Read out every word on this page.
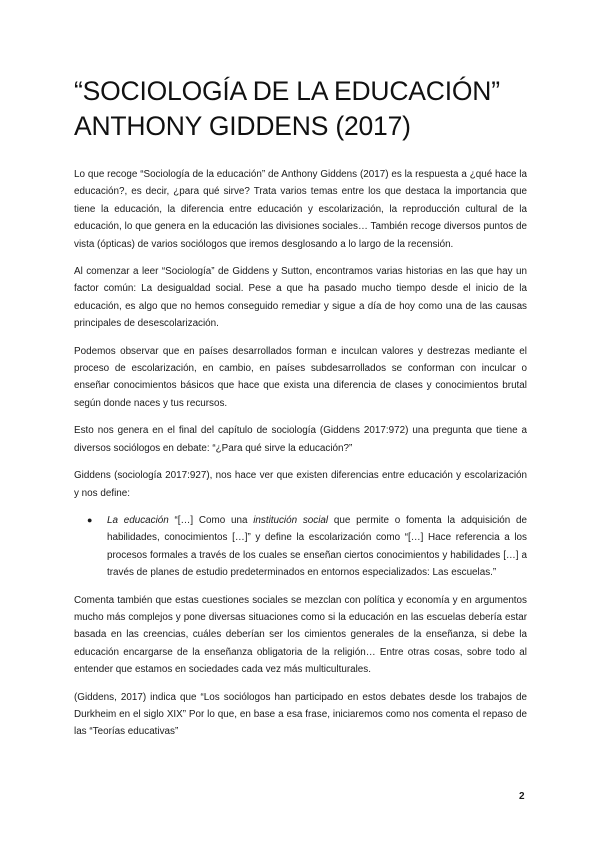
“SOCIOLOGÍA DE LA EDUCACIÓN”
ANTHONY GIDDENS (2017)

Lo que recoge “Sociología de la educación” de Anthony Giddens (2017) es la respuesta a ¿qué hace la educación?, es decir, ¿para qué sirve? Trata varios temas entre los que destaca la importancia que tiene la educación, la diferencia entre educación y escolarización, la reproducción cultural de la educación, lo que genera en la educación las divisiones sociales… También recoge diversos puntos de vista (ópticas) de varios sociólogos que iremos desglosando a lo largo de la recensión.

Al comenzar a leer “Sociología” de Giddens y Sutton, encontramos varias historias en las que hay un factor común: La desigualdad social. Pese a que ha pasado mucho tiempo desde el inicio de la educación, es algo que no hemos conseguido remediar y sigue a día de hoy como una de las causas principales de desescolarización.

Podemos observar que en países desarrollados forman e inculcan valores y destrezas mediante el proceso de escolarización, en cambio, en países subdesarrollados se conforman con inculcar o enseñar conocimientos básicos que hace que exista una diferencia de clases y conocimientos brutal según donde naces y tus recursos.

Esto nos genera en el final del capítulo de sociología (Giddens 2017:972) una pregunta que tiene a diversos sociólogos en debate: “¿Para qué sirve la educación?”

Giddens (sociología 2017:927), nos hace ver que existen diferencias entre educación y escolarización y nos define:

● La educación “[…] Como una institución social que permite o fomenta la adquisición de habilidades, conocimientos […]” y define la escolarización como “[…] Hace referencia a los procesos formales a través de los cuales se enseñan ciertos conocimientos y habilidades […] a través de planes de estudio predeterminados en entornos especializados: Las escuelas.”

Comenta también que estas cuestiones sociales se mezclan con política y economía y en argumentos mucho más complejos y pone diversas situaciones como si la educación en las escuelas debería estar basada en las creencias, cuáles deberían ser los cimientos generales de la enseñanza, si debe la educación encargarse de la enseñanza obligatoria de la religión… Entre otras cosas, sobre todo al entender que estamos en sociedades cada vez más multiculturales.

(Giddens, 2017) indica que “Los sociólogos han participado en estos debates desde los trabajos de Durkheim en el siglo XIX” Por lo que, en base a esa frase, iniciaremos como nos comenta el repaso de las “Teorías educativas”

2
